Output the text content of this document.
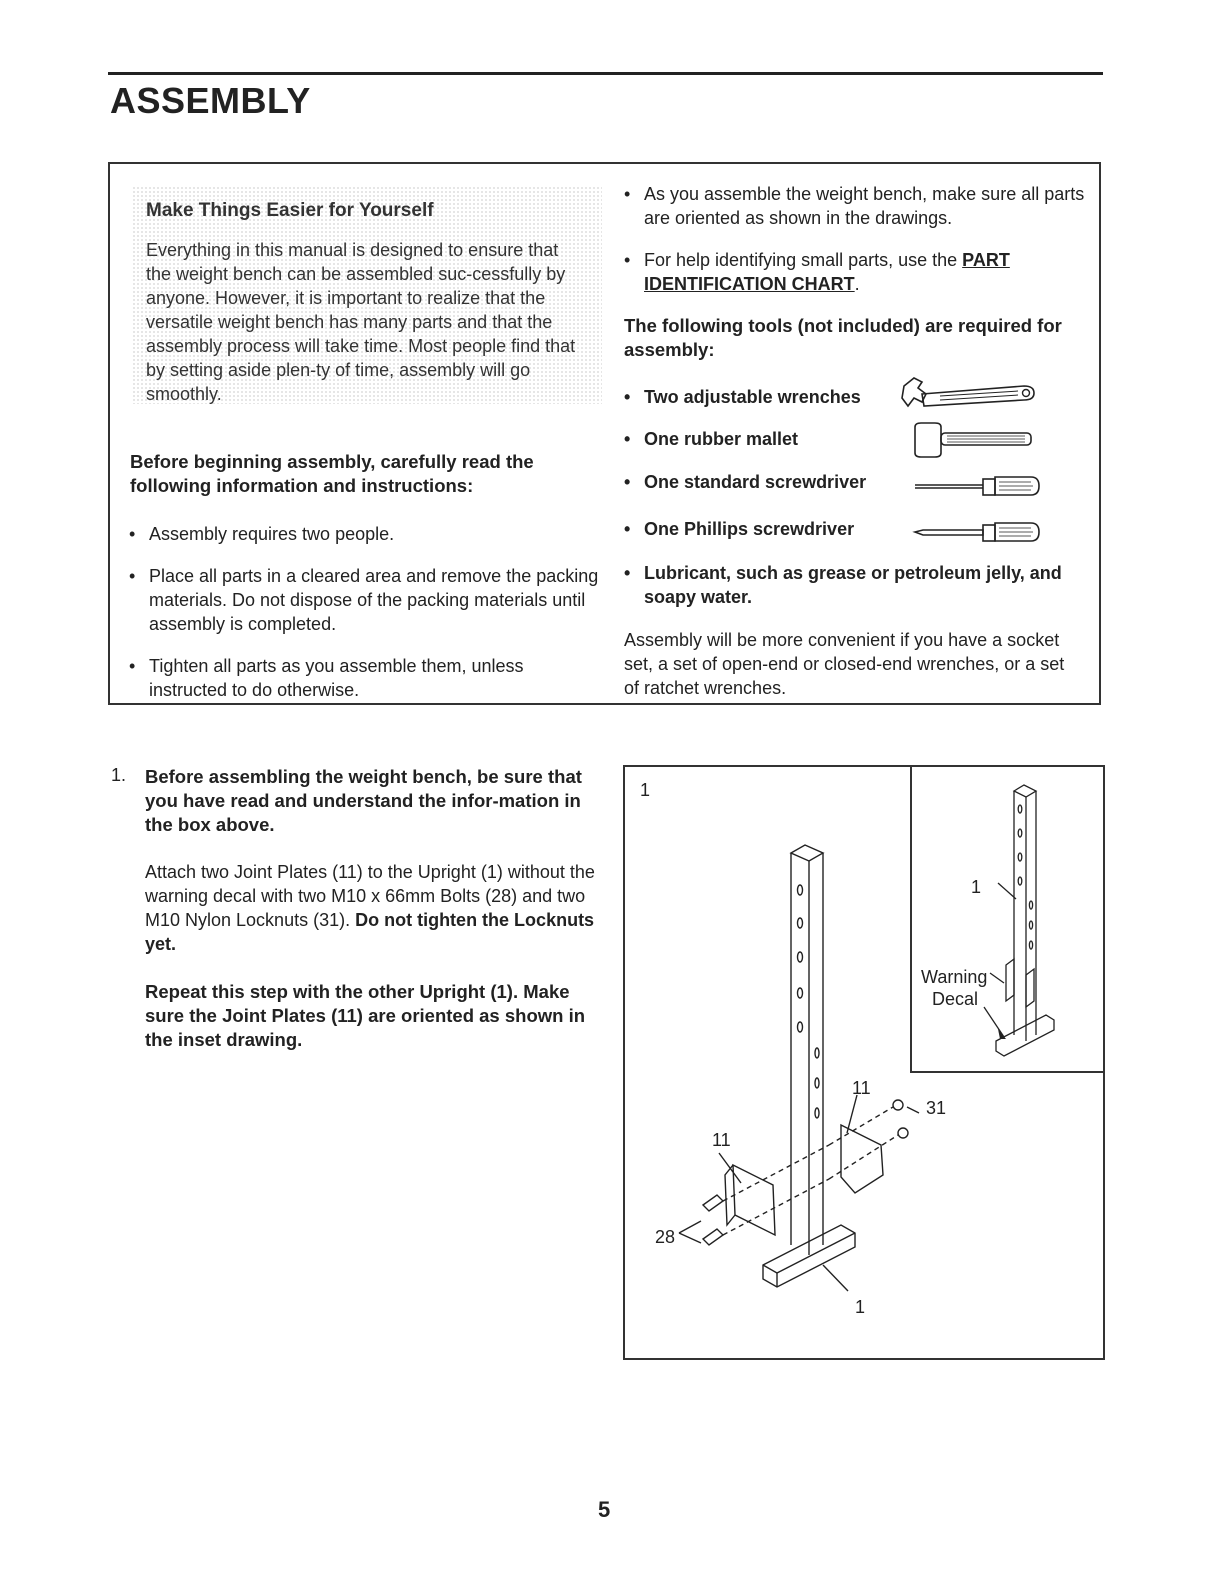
ASSEMBLY
Make Things Easier for Yourself

Everything in this manual is designed to ensure that the weight bench can be assembled suc-cessfully by anyone. However, it is important to realize that the versatile weight bench has many parts and that the assembly process will take time. Most people find that by setting aside plen-ty of time, assembly will go smoothly.

Before beginning assembly, carefully read the following information and instructions:
• Assembly requires two people.
• Place all parts in a cleared area and remove the packing materials. Do not dispose of the packing materials until assembly is completed.
• Tighten all parts as you assemble them, unless instructed to do otherwise.
• As you assemble the weight bench, make sure all parts are oriented as shown in the drawings.
• For help identifying small parts, use the PART IDENTIFICATION CHART.
The following tools (not included) are required for assembly:
• Two adjustable wrenches
• One rubber mallet
• One standard screwdriver
• One Phillips screwdriver
• Lubricant, such as grease or petroleum jelly, and soapy water.
Assembly will be more convenient if you have a socket set, a set of open-end or closed-end wrenches, or a set of ratchet wrenches.
1. Before assembling the weight bench, be sure that you have read and understand the infor-mation in the box above.
Attach two Joint Plates (11) to the Upright (1) without the warning decal with two M10 x 66mm Bolts (28) and two M10 Nylon Locknuts (31). Do not tighten the Locknuts yet.
Repeat this step with the other Upright (1). Make sure the Joint Plates (11) are oriented as shown in the inset drawing.
1
11
11
31
28
1
1
Warning
Decal
5
